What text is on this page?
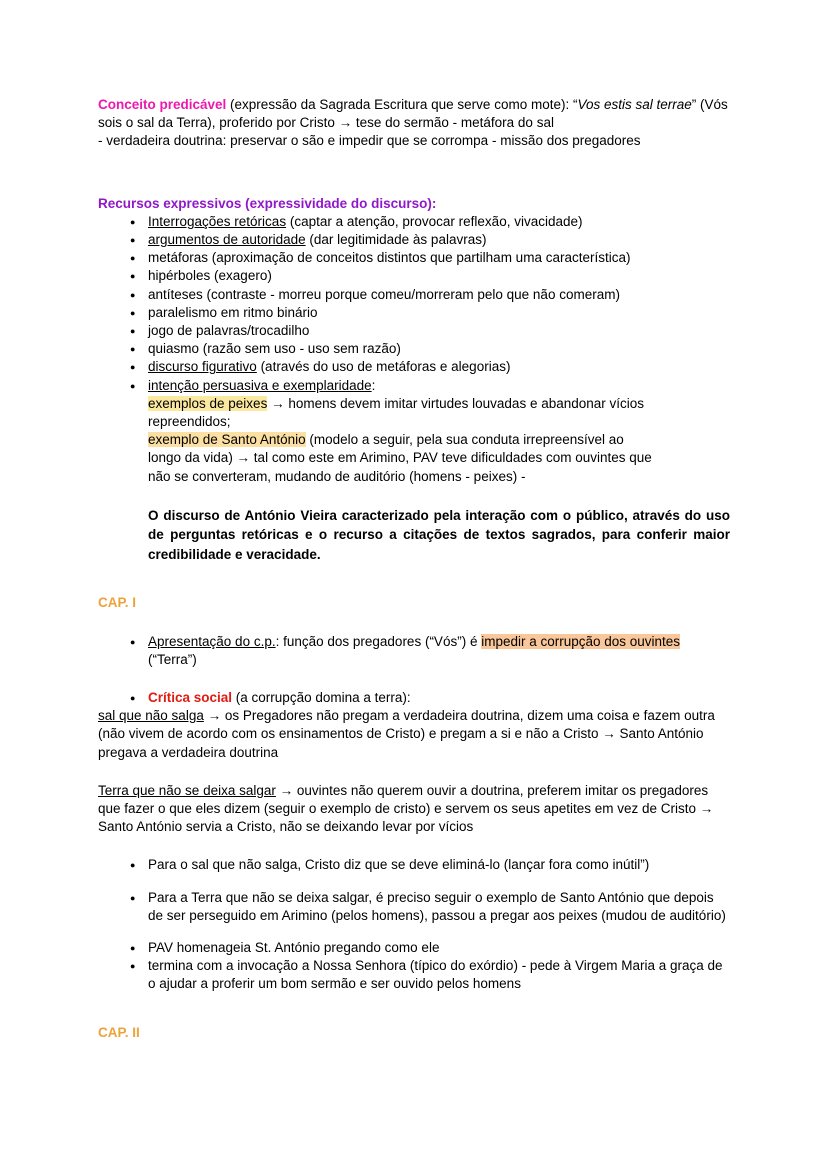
Conceito predicável (expressão da Sagrada Escritura que serve como mote): “Vos estis sal terrae” (Vós sois o sal da Terra), proferido por Cristo → tese do sermão - metáfora do sal
- verdadeira doutrina: preservar o são e impedir que se corrompa - missão dos pregadores
Recursos expressivos (expressividade do discurso):
● Interrogações retóricas (captar a atenção, provocar reflexão, vivacidade)
● argumentos de autoridade (dar legitimidade às palavras)
● metáforas (aproximação de conceitos distintos que partilham uma característica)
● hipérboles (exagero)
● antíteses (contraste - morreu porque comeu/morreram pelo que não comeram)
● paralelismo em ritmo binário
● jogo de palavras/trocadilho
● quiasmo (razão sem uso - uso sem razão)
● discurso figurativo (através do uso de metáforas e alegorias)
● intenção persuasiva e exemplaridade:
exemplos de peixes → homens devem imitar virtudes louvadas e abandonar vícios
repreendidos;
exemplo de Santo António (modelo a seguir, pela sua conduta irrepreensível ao
longo da vida) → tal como este em Arimino, PAV teve dificuldades com ouvintes que
não se converteram, mudando de auditório (homens - peixes) -
O discurso de António Vieira caracterizado pela interação com o público, através do uso de perguntas retóricas e o recurso a citações de textos sagrados, para conferir maior credibilidade e veracidade.
CAP. I
● Apresentação do c.p.: função dos pregadores (“Vós”) é impedir a corrupção dos ouvintes (“Terra”)
● Crítica social (a corrupção domina a terra):
sal que não salga → os Pregadores não pregam a verdadeira doutrina, dizem uma coisa e fazem outra (não vivem de acordo com os ensinamentos de Cristo) e pregam a si e não a Cristo → Santo António pregava a verdadeira doutrina
Terra que não se deixa salgar → ouvintes não querem ouvir a doutrina, preferem imitar os pregadores que fazer o que eles dizem (seguir o exemplo de cristo) e servem os seus apetites em vez de Cristo → Santo António servia a Cristo, não se deixando levar por vícios
● Para o sal que não salga, Cristo diz que se deve eliminá-lo (lançar fora como inútil”)
● Para a Terra que não se deixa salgar, é preciso seguir o exemplo de Santo António que depois de ser perseguido em Arimino (pelos homens), passou a pregar aos peixes (mudou de auditório)
● PAV homenageia St. António pregando como ele
● termina com a invocação a Nossa Senhora (típico do exórdio) - pede à Virgem Maria a graça de o ajudar a proferir um bom sermão e ser ouvido pelos homens
CAP. II
